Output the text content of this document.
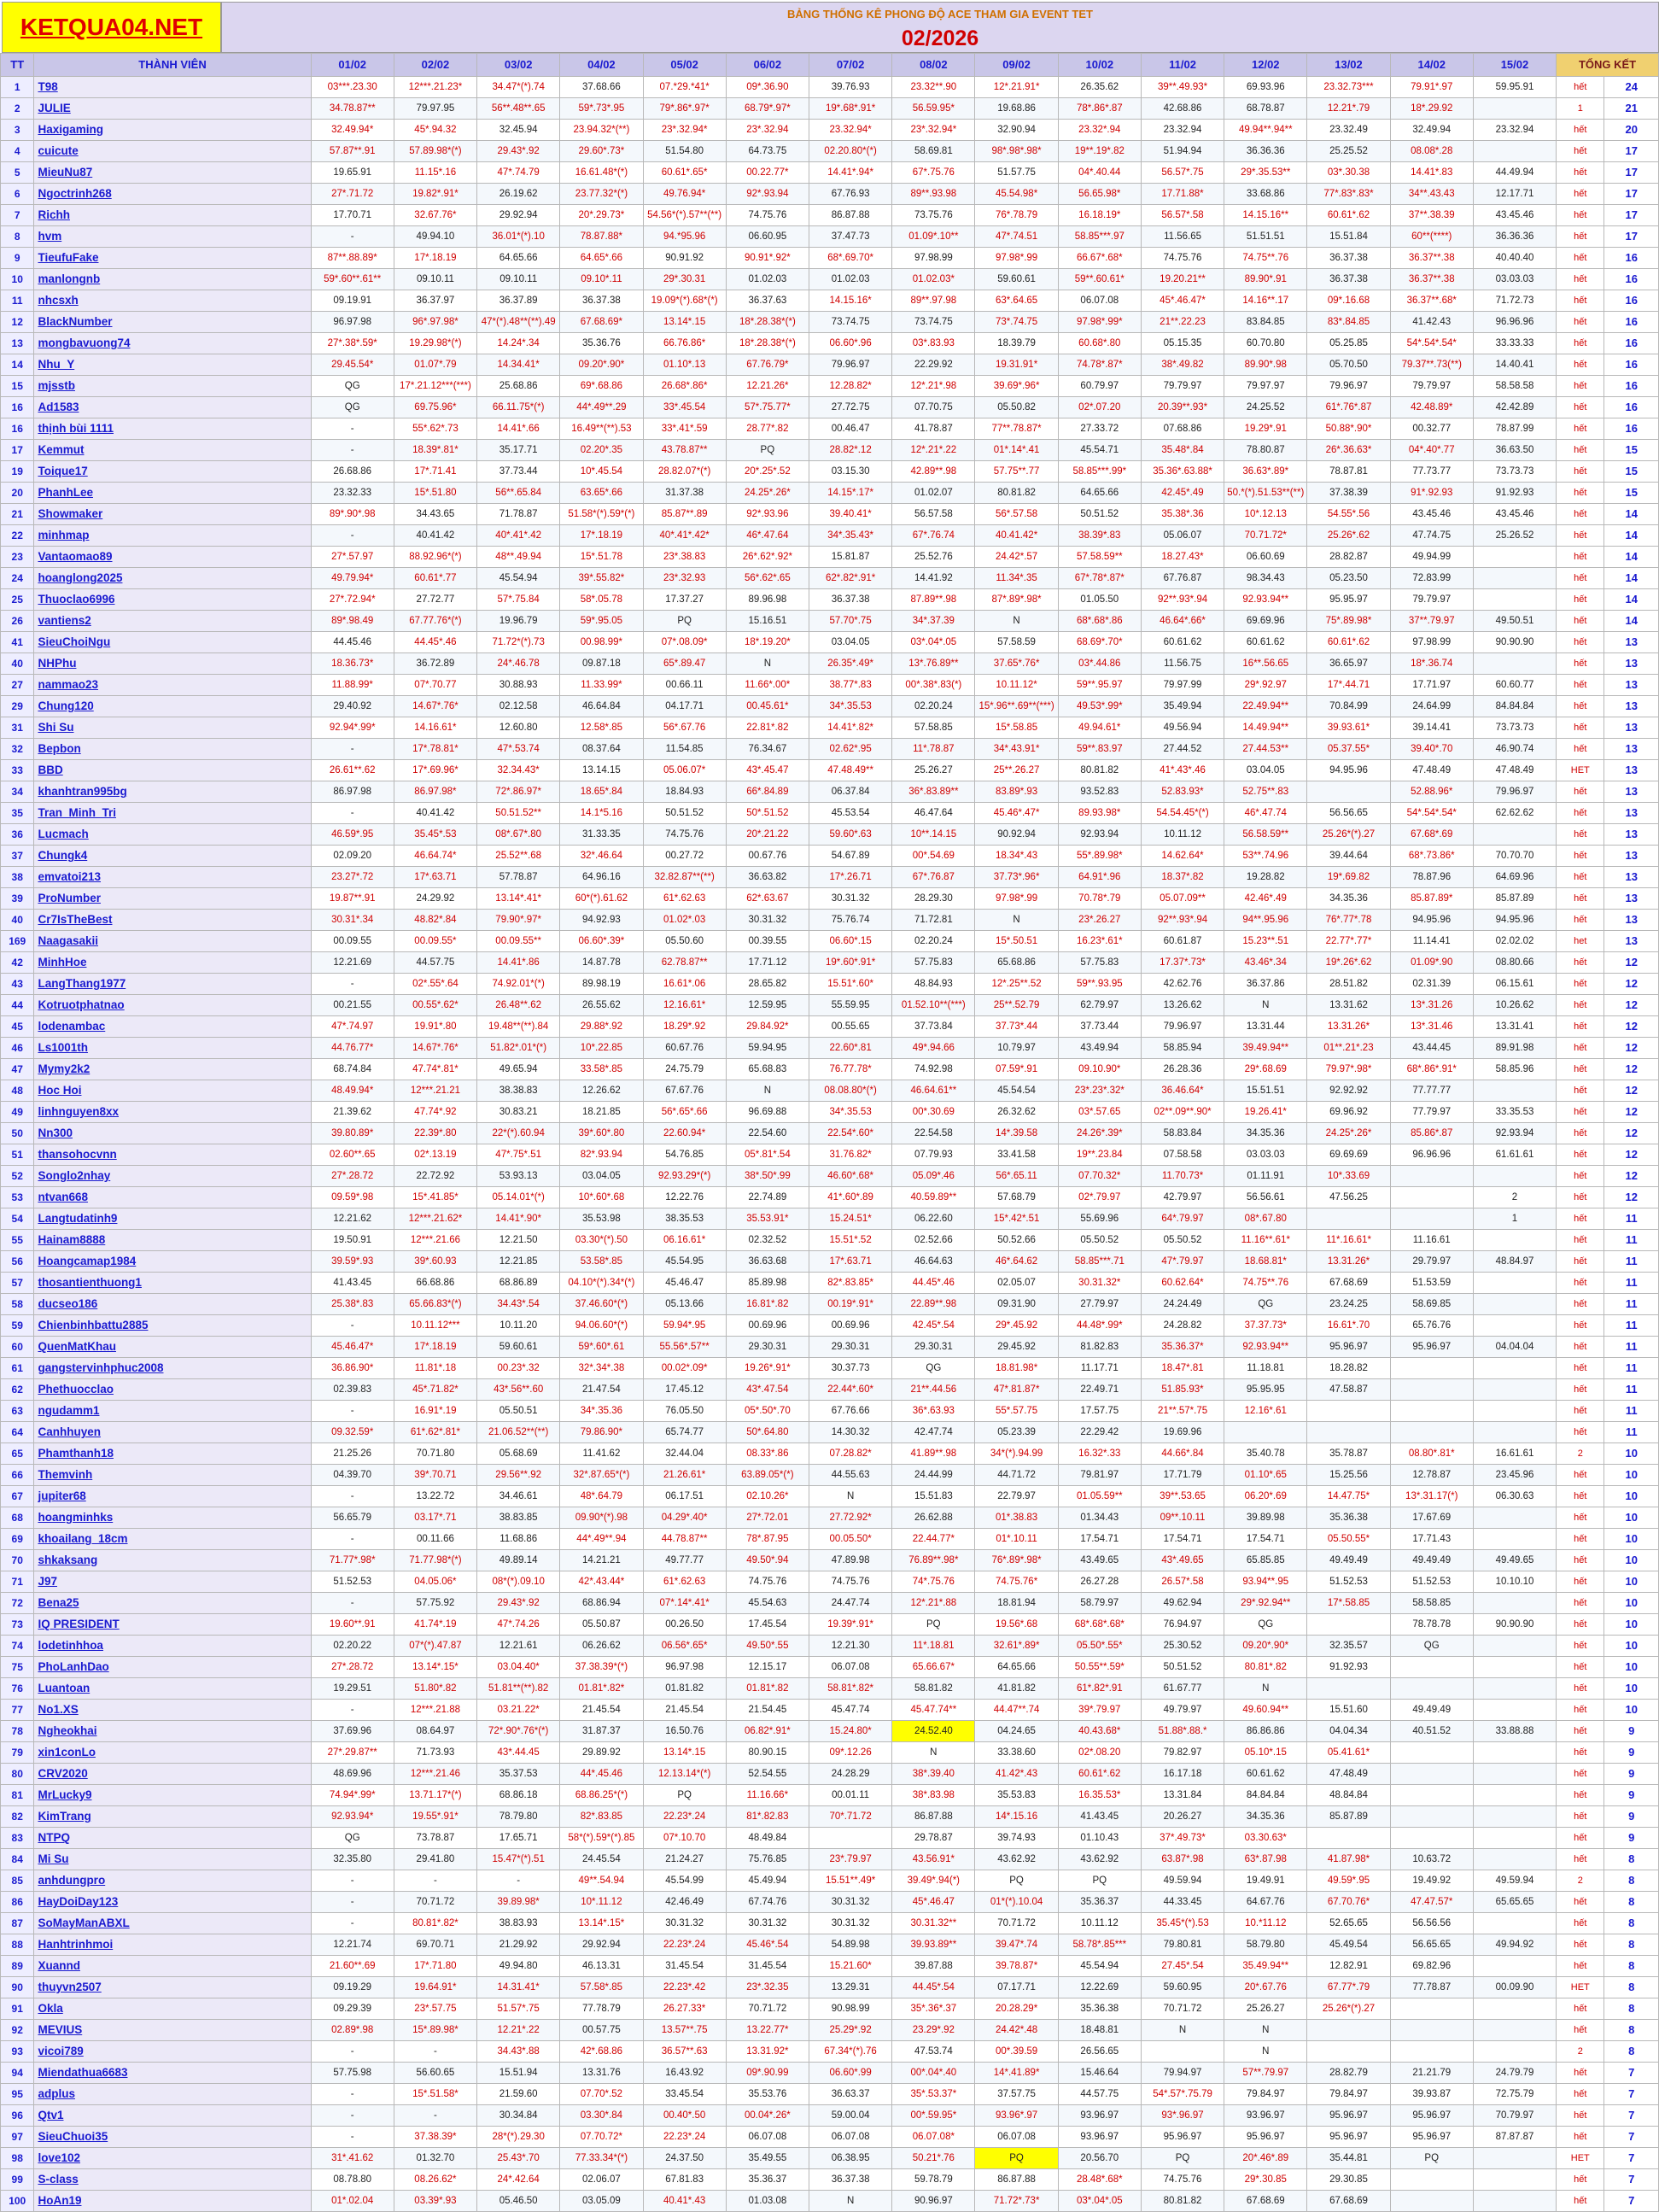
KETQUA04.NET	BẢNG THỐNG KÊ PHONG ĐỘ ACE THAM GIA EVENT TET
02/2026
TT	THÀNH VIÊN	01/02	02/02	03/02	04/02	05/02	06/02	07/02	08/02	09/02	10/02	11/02	12/02	13/02	14/02	15/02	TỔNG KẾT	
1	T98	03***.23.30	12***.21.23*	34.47*(*).74	37.68.66	07.*29.*41*	09*.36.90	39.76.93	23.32**.90	12*.21.91*	26.35.62	39**.49.93*	69.93.96	23.32.73***	79.91*.97	59.95.91	hết	24
2	JULIE	34.78.87**	79.97.95	56**.48**.65	59*.73*.95	79*.86*.97*	68.79*.97*	19*.68*.91*	56.59.95*	19.68.86	78*.86*.87	42.68.86	68.78.87	12.21*.79	18*.29.92		1	21
3	Haxigaming	32.49.94*	45*.94.32	32.45.94	23.94.32*(**)	23*.32.94*	23*.32.94	23.32.94*	23*.32.94*	32.90.94	23.32*.94	23.32.94	49.94**.94**	23.32.49	32.49.94	23.32.94	hết	20
4	cuicute	57.87**.91	57.89.98*(*)	29.43*.92	29.60*.73*	51.54.80	64.73.75	02.20.80*(*)	58.69.81	98*.98*.98*	19**.19*.82	51.94.94	36.36.36	25.25.52	08.08*.28		hết	17
5	MieuNu87	19.65.91	11.15*.16	47*.74.79	16.61.48*(*)	60.61*.65*	00.22.77*	14.41*.94*	67*.75.76	51.57.75	04*.40.44	56.57*.75	29*.35.53**	03*.30.38	14.41*.83	44.49.94	hết	17
6	Ngoctrinh268	27*.71.72	19.82*.91*	26.19.62	23.77.32*(*)	49.76.94*	92*.93.94	67.76.93	89**.93.98	45.54.98*	56.65.98*	17.71.88*	33.68.86	77*.83*.83*	34**.43.43	12.17.71	hết	17
7	Richh	17.70.71	32.67.76*	29.92.94	20*.29.73*	54.56*(*).57**(**)	74.75.76	86.87.88	73.75.76	76*.78.79	16.18.19*	56.57*.58	14.15.16**	60.61*.62	37**.38.39	43.45.46	hết	17
8	hvm	-	49.94.10	36.01*(*).10	78.87.88*	94.*95.96	06.60.95	37.47.73	01.09*.10**	47*.74.51	58.85***.97	11.56.65	51.51.51	15.51.84	60**(****)	36.36.36	hết	17
9	TieufuFake	87**.88.89*	17*.18.19	64.65.66	64.65*.66	90.91.92	90.91*.92*	68*.69.70*	97.98.99	97.98*.99	66.67*.68*	74.75.76	74.75**.76	36.37.38	36.37**.38	40.40.40	hết	16
10	manlongnb	59*.60**.61**	09.10.11	09.10.11	09.10*.11	29*.30.31	01.02.03	01.02.03	01.02.03*	59.60.61	59**.60.61*	19.20.21**	89.90*.91	36.37.38	36.37**.38	03.03.03	hết	16
11	nhcsxh	09.19.91	36.37.97	36.37.89	36.37.38	19.09*(*).68*(*)	36.37.63	14.15.16*	89**.97.98	63*.64.65	06.07.08	45*.46.47*	14.16**.17	09*.16.68	36.37**.68*	71.72.73	hết	16
12	BlackNumber	96.97.98	96*.97.98*	47*(*).48**(**).49	67.68.69*	13.14*.15	18*.28.38*(*)	73.74.75	73.74.75	73*.74.75	97.98*.99*	21**.22.23	83.84.85	83*.84.85	41.42.43	96.96.96	hết	16
13	mongbavuong74	27*.38*.59*	19.29.98*(*)	14.24*.34	35.36.76	66.76.86*	18*.28.38*(*)	06.60*.96	03*.83.93	18.39.79	60.68*.80	05.15.35	60.70.80	05.25.85	54*.54*.54*	33.33.33	hết	16
14	Nhu_Y	29.45.54*	01.07*.79	14.34.41*	09.20*.90*	01.10*.13	67.76.79*	79.96.97	22.29.92	19.31.91*	74.78*.87*	38*.49.82	89.90*.98	05.70.50	79.37**.73(**)	14.40.41	hết	16
15	mjsstb	QG	17*.21.12***(***)	25.68.86	69*.68.86	26.68*.86*	12.21.26*	12.28.82*	12*.21*.98	39.69*.96*	60.79.97	79.79.97	79.97.97	79.96.97	79.79.97	58.58.58	hết	16
16	Ad1583	QG	69.75.96*	66.11.75*(*)	44*.49**.29	33*.45.54	57*.75.77*	27.72.75	07.70.75	05.50.82	02*.07.20	20.39**.93*	24.25.52	61*.76*.87	42.48.89*	42.42.89	hết	16
16	thịnh bùi 1111	-	55*.62*.73	14.41*.66	16.49**(**).53	33*.41*.59	28.77*.82	00.46.47	41.78.87	77**.78.87*	27.33.72	07.68.86	19.29*.91	50.88*.90*	00.32.77	78.87.99	hết	16
17	Kemmut	-	18.39*.81*	35.17.71	02.20*.35	43.78.87**	PQ	28.82*.12	12*.21*.22	01*.14*.41	45.54.71	35.48*.84	78.80.87	26*.36.63*	04*.40*.77	36.63.50	hết	15
19	Toique17	26.68.86	17*.71.41	37.73.44	10*.45.54	28.82.07*(*)	20*.25*.52	03.15.30	42.89**.98	57.75**.77	58.85***.99*	35.36*.63.88*	36.63*.89*	78.87.81	77.73.77	73.73.73	hết	15
20	PhanhLee	23.32.33	15*.51.80	56**.65.84	63.65*.66	31.37.38	24.25*.26*	14.15*.17*	01.02.07	80.81.82	64.65.66	42.45*.49	50.*(*).51.53**(**)	37.38.39	91*.92.93	91.92.93	hết	15
21	Showmaker	89*.90*.98	34.43.65	71.78.87	51.58*(*).59*(*)	85.87**.89	92*.93.96	39.40.41*	56.57.58	56*.57.58	50.51.52	35.38*.36	10*.12.13	54.55*.56	43.45.46	43.45.46	hết	14
22	minhmap	-	40.41.42	40*.41*.42	17*.18.19	40*.41*.42*	46*.47.64	34*.35.43*	67*.76.74	40.41.42*	38.39*.83	05.06.07	70.71.72*	25.26*.62	47.74.75	25.26.52	hết	14
23	Vantaomao89	27*.57.97	88.92.96*(*)	48**.49.94	15*.51.78	23*.38.83	26*.62*.92*	15.81.87	25.52.76	24.42*.57	57.58.59**	18.27.43*	06.60.69	28.82.87	49.94.99		hết	14
24	hoanglong2025	49.79.94*	60.61*.77	45.54.94	39*.55.82*	23*.32.93	56*.62*.65	62*.82*.91*	14.41.92	11.34*.35	67*.78*.87*	67.76.87	98.34.43	05.23.50	72.83.99		hết	14
25	Thuoclao6996	27*.72.94*	27.72.77	57*.75.84	58*.05.78	17.37.27	89.96.98	36.37.38	87.89**.98	87*.89*.98*	01.05.50	92**.93*.94	92.93.94**	95.95.97	79.79.97		hết	14
26	vantiens2	89*.98.49	67.77.76*(*)	19.96.79	59*.95.05	PQ	15.16.51	57.70*.75	34*.37.39	N	68*.68*.86	46.64*.66*	69.69.96	75*.89.98*	37**.79.97	49.50.51	hết	14
41	SieuChoiNgu	44.45.46	44.45*.46	71.72*(*).73	00.98.99*	07*.08.09*	18*.19.20*	03.04.05	03*.04*.05	57.58.59	68.69*.70*	60.61.62	60.61.62	60.61*.62	97.98.99	90.90.90	hết	13
40	NHPhu	18.36.73*	36.72.89	24*.46.78	09.87.18	65*.89.47	N	26.35*.49*	13*.76.89**	37.65*.76*	03*.44.86	11.56.75	16**.56.65	36.65.97	18*.36.74		hết	13
27	nammao23	11.88.99*	07*.70.77	30.88.93	11.33.99*	00.66.11	11.66*.00*	38.77*.83	00*.38*.83(*)	10.11.12*	59**.95.97	79.97.99	29*.92.97	17*.44.71	17.71.97	60.60.77	hết	13
29	Chung120	29.40.92	14.67*.76*	02.12.58	46.64.84	04.17.71	00.45.61*	34*.35.53	02.20.24	15*.96**.69**(***)	49.53*.99*	35.49.94	22.49.94**	70.84.99	24.64.99	84.84.84	hết	13
31	Shi Su	92.94*.99*	14.16.61*	12.60.80	12.58*.85	56*.67.76	22.81*.82	14.41*.82*	57.58.85	15*.58.85	49.94.61*	49.56.94	14.49.94**	39.93.61*	39.14.41	73.73.73	hết	13
32	Bepbon	-	17*.78.81*	47*.53.74	08.37.64	11.54.85	76.34.67	02.62*.95	11*.78.87	34*.43.91*	59**.83.97	27.44.52	27.44.53**	05.37.55*	39.40*.70	46.90.74	hết	13
33	BBD	26.61**.62	17*.69.96*	32.34.43*	13.14.15	05.06.07*	43*.45.47	47.48.49**	25.26.27	25**.26.27	80.81.82	41*.43*.46	03.04.05	94.95.96	47.48.49	47.48.49	HET	13
34	khanhtran995bg	86.97.98	86.97.98*	72*.86.97*	18.65*.84	18.84.93	66*.84.89	06.37.84	36*.83.89**	83.89*.93	93.52.83	52.83.93*	52.75**.83		52.88.96*	79.96.97	hết	13
35	Tran_Minh_Tri	-	40.41.42	50.51.52**	14.1*5.16	50.51.52	50*.51.52	45.53.54	46.47.64	45.46*.47*	89.93.98*	54.54.45*(*)	46*.47.74	56.56.65	54*.54*.54*	62.62.62	hết	13
36	Lucmach	46.59*.95	35.45*.53	08*.67*.80	31.33.35	74.75.76	20*.21.22	59.60*.63	10**.14.15	90.92.94	92.93.94	10.11.12	56.58.59**	25.26*(*).27	67.68*.69		hết	13
37	Chungk4	02.09.20	46.64.74*	25.52**.68	32*.46.64	00.27.72	00.67.76	54.67.89	00*.54.69	18.34*.43	55*.89.98*	14.62.64*	53**.74.96	39.44.64	68*.73.86*	70.70.70	hết	13
38	emvatoi213	23.27*.72	17*.63.71	57.78.87	64.96.16	32.82.87**(**)	36.63.82	17*.26.71	67*.76.87	37.73*.96*	64.91*.96	18.37*.82	19.28.82	19*.69.82	78.87.96	64.69.96	hết	13
39	ProNumber	19.87**.91	24.29.92	13.14*.41*	60*(*).61.62	61*.62.63	62*.63.67	30.31.32	28.29.30	97.98*.99	70.78*.79	05.07.09**	42.46*.49	34.35.36	85.87.89*	85.87.89	hết	13
40	Cr7IsTheBest	30.31*.34	48.82*.84	79.90*.97*	94.92.93	01.02*.03	30.31.32	75.76.74	71.72.81	N	23*.26.27	92**.93*.94	94**.95.96	76*.77*.78	94.95.96	94.95.96	hết	13
169	Naagasakii	00.09.55	00.09.55*	00.09.55**	06.60*.39*	05.50.60	00.39.55	06.60*.15	02.20.24	15*.50.51	16.23*.61*	60.61.87	15.23**.51	22.77*.77*	11.14.41	02.02.02	het	13
42	MinhHoe	12.21.69	44.57.75	14.41*.86	14.87.78	62.78.87**	17.71.12	19*.60*.91*	57.75.83	65.68.86	57.75.83	17.37*.73*	43.46*.34	19*.26*.62	01.09*.90	08.80.66	hết	12
43	LangThang1977	-	02*.55*.64	74.92.01*(*)	89.98.19	16.61*.06	28.65.82	15.51*.60*	48.84.93	12*.25**.52	59**.93.95	42.62.76	36.37.86	28.51.82	02.31.39	06.15.61	hết	12
44	Kotruotphatnao	00.21.55	00.55*.62*	26.48**.62	26.55.62	12.16.61*	12.59.95	55.59.95	01.52.10**(***)	25**.52.79	62.79.97	13.26.62	N	13.31.62	13*.31.26	10.26.62	hết	12
45	lodenambac	47*.74.97	19.91*.80	19.48**(**).84	29.88*.92	18.29*.92	29.84.92*	00.55.65	37.73.84	37.73*.44	37.73.44	79.96.97	13.31.44	13.31.26*	13*.31.46	13.31.41	hết	12
46	Ls1001th	44.76.77*	14.67*.76*	51.82*.01*(*)	10*.22.85	60.67.76	59.94.95	22.60*.81	49*.94.66	10.79.97	43.49.94	58.85.94	39.49.94**	01**.21*.23	43.44.45	89.91.98	hết	12
47	Mymy2k2	68.74.84	47.74*.81*	49.65.94	33.58*.85	24.75.79	65.68.83	76.77.78*	74.92.98	07.59*.91	09.10.90*	26.28.36	29*.68.69	79.97*.98*	68*.86*.91*	58.85.96	hết	12
48	Hoc Hoi	48.49.94*	12***.21.21	38.38.83	12.26.62	67.67.76	N	08.08.80*(*)	46.64.61**	45.54.54	23*.23*.32*	36.46.64*	15.51.51	92.92.92	77.77.77		hết	12
49	linhnguyen8xx	21.39.62	47.74*.92	30.83.21	18.21.85	56*.65*.66	96.69.88	34*.35.53	00*.30.69	26.32.62	03*.57.65	02**.09**.90*	19.26.41*	69.96.92	77.79.97	33.35.53	hết	12
50	Nn300	39.80.89*	22.39*.80	22*(*).60.94	39*.60*.80	22.60.94*	22.54.60	22.54*.60*	22.54.58	14*.39.58	24.26*.39*	58.83.84	34.35.36	24.25*.26*	85.86*.87	92.93.94	hết	12
51	thansohocvnn	02.60**.65	02*.13.19	47*.75*.51	82*.93.94	54.76.85	05*.81*.54	31.76.82*	07.79.93	33.41.58	19**.23.84	07.58.58	03.03.03	69.69.69	96.96.96	61.61.61	hết	12
52	Songlo2nhay	27*.28.72	22.72.92	53.93.13	03.04.05	92.93.29*(*)	38*.50*.99	46.60*.68*	05.09*.46	56*.65.11	07.70.32*	11.70.73*	01.11.91	10*.33.69			hết	12
53	ntvan668	09.59*.98	15*.41.85*	05.14.01*(*)	10*.60*.68	12.22.76	22.74.89	41*.60*.89	40.59.89**	57.68.79	02*.79.97	42.79.97	56.56.61	47.56.25		2	hết	12
54	Langtudatinh9	12.21.62	12***.21.62*	14.41*.90*	35.53.98	38.35.53	35.53.91*	15.24.51*	06.22.60	15*.42*.51	55.69.96	64*.79.97	08*.67.80			1	hết	11
55	Hainam8888	19.50.91	12***.21.66	12.21.50	03.30*(*).50	06.16.61*	02.32.52	15.51*.52	02.52.66	50.52.66	05.50.52	05.50.52	11.16**.61*	11*.16.61*	11.16.61		hết	11
56	Hoangcamap1984	39.59*.93	39*.60.93	12.21.85	53.58*.85	45.54.95	36.63.68	17*.63.71	46.64.63	46*.64.62	58.85***.71	47*.79.97	18.68.81*	13.31.26*	29.79.97	48.84.97	hết	11
57	thosantienthuong1	41.43.45	66.68.86	68.86.89	04.10*(*).34*(*)	45.46.47	85.89.98	82*.83.85*	44.45*.46	02.05.07	30.31.32*	60.62.64*	74.75**.76	67.68.69	51.53.59		hết	11
58	ducseo186	25.38*.83	65.66.83*(*)	34.43*.54	37.46.60*(*)	05.13.66	16.81*.82	00.19*.91*	22.89**.98	09.31.90	27.79.97	24.24.49	QG	23.24.25	58.69.85		hết	11
59	Chienbinhbattu2885	-	10.11.12***	10.11.20	94.06.60*(*)	59.94*.95	00.69.96	00.69.96	42.45*.54	29*.45.92	44.48*.99*	24.28.82	37.37.73*	16.61*.70	65.76.76		hết	11
60	QuenMatKhau	45.46.47*	17*.18.19	59.60.61	59*.60*.61	55.56*.57**	29.30.31	29.30.31	29.30.31	29.45.92	81.82.83	35.36.37*	92.93.94**	95.96.97	95.96.97	04.04.04	hết	11
61	gangstervinhphuc2008	36.86.90*	11.81*.18	00.23*.32	32*.34*.38	00.02*.09*	19.26*.91*	30.37.73	QG	18.81.98*	11.17.71	18.47*.81	11.18.81	18.28.82			hết	11
62	Phethuocclao	02.39.83	45*.71.82*	43*.56**.60	21.47.54	17.45.12	43*.47.54	22.44*.60*	21**.44.56	47*.81.87*	22.49.71	51.85.93*	95.95.95	47.58.87			hết	11
63	ngudamm1	-	16.91*.19	05.50.51	34*.35.36	76.05.50	05*.50*.70	67.76.66	36*.63.93	55*.57.75	17.57.75	21**.57*.75	12.16*.61				hết	11
64	Canhhuyen	09.32.59*	61*.62*.81*	21.06.52**(**)	79.86.90*	65.74.77	50*.64.80	14.30.32	42.47.74	05.23.39	22.29.42	19.69.96					hết	11
65	Phamthanh18	21.25.26	70.71.80	05.68.69	11.41.62	32.44.04	08.33*.86	07.28.82*	41.89**.98	34*(*).94.99	16.32*.33	44.66*.84	35.40.78	35.78.87	08.80*.81*	16.61.61	2	10
66	Themvinh	04.39.70	39*.70.71	29.56**.92	32*.87.65*(*)	21.26.61*	63.89.05*(*)	44.55.63	24.44.99	44.71.72	79.81.97	17.71.79	01.10*.65	15.25.56	12.78.87	23.45.96	hết	10
67	jupiter68	-	13.22.72	34.46.61	48*.64.79	06.17.51	02.10.26*	N	15.51.83	22.79.97	01.05.59**	39**.53.65	06.20*.69	14.47.75*	13*.31.17(*)	06.30.63	hết	10
68	hoangminhks	56.65.79	03.17*.71	38.83.85	09.90*(*).98	04.29*.40*	27*.72.01	27.72.92*	26.62.88	01*.38.83	01.34.43	09**.10.11	39.89.98	35.36.38	17.67.69		hết	10
69	khoailang_18cm	-	00.11.66	11.68.86	44*.49**.94	44.78.87**	78*.87.95	00.05.50*	22.44.77*	01*.10.11	17.54.71	17.54.71	17.54.71	05.50.55*	17.71.43		hết	10
70	shkaksang	71.77*.98*	71.77.98*(*)	49.89.14	14.21.21	49.77.77	49.50*.94	47.89.98	76.89**.98*	76*.89*.98*	43.49.65	43*.49.65	65.85.85	49.49.49	49.49.49	49.49.65	hết	10
71	J97	51.52.53	04.05.06*	08*(*).09.10	42*.43.44*	61*.62.63	74.75.76	74.75.76	74*.75.76	74.75.76*	26.27.28	26.57*.58	93.94**.95	51.52.53	51.52.53	10.10.10	hết	10
72	Bena25	-	57.75.92	29.43*.92	68.86.94	07*.14*.41*	45.54.63	24.47.74	12*.21*.88	18.81.94	58.79.97	49.62.94	29*.92.94**	17*.58.85	58.58.85		hết	10
73	IQ PRESIDENT	19.60**.91	41.74*.19	47*.74.26	05.50.87	00.26.50	17.45.54	19.39*.91*	PQ	19.56*.68	68*.68*.68*	76.94.97	QG		78.78.78	90.90.90	hết	10
74	lodetinhhoa	02.20.22	07*(*).47.87	12.21.61	06.26.62	06.56*.65*	49.50*.55	12.21.30	11*.18.81	32.61*.89*	05.50*.55*	25.30.52	09.20*.90*	32.35.57	QG		hết	10
75	PhoLanhDao	27*.28.72	13.14*.15*	03.04.40*	37.38.39*(*)	96.97.98	12.15.17	06.07.08	65.66.67*	64.65.66	50.55**.59*	50.51.52	80.81*.82	91.92.93			hết	10
76	Luantoan	19.29.51	51.80*.82	51.81**(**).82	01.81*.82*	01.81.82	01.81*.82	58.81*.82*	58.81.82	41.81.82	61*.82*.91	61.67.77	N				hết	10
77	No1.XS	-	12***.21.88	03.21.22*	21.45.54	21.45.54	21.54.45	45.47.74	45.47.74**	44.47**.74	39*.79.97	49.79.97	49.60.94**	15.51.60	49.49.49		hết	10
78	Ngheokhai	37.69.96	08.64.97	72*.90*.76*(*)	31.87.37	16.50.76	06.82*.91*	15.24.80*	24.52.40	04.24.65	40.43.68*	51.88*.88.*	86.86.86	04.04.34	40.51.52	33.88.88	hết	9
79	xin1conLo	27*.29.87**	71.73.93	43*.44.45	29.89.92	13.14*.15	80.90.15	09*.12.26	N	33.38.60	02*.08.20	79.82.97	05.10*.15	05.41.61*			hết	9
80	CRV2020	48.69.96	12***.21.46	35.37.53	44*.45.46	12.13.14*(*)	52.54.55	24.28.29	38*.39.40	41.42*.43	60.61*.62	16.17.18	60.61.62	47.48.49			hết	9
81	MrLucky9	74.94*.99*	13.71.17*(*)	68.86.18	68.86.25*(*)	PQ	11.16.66*	00.01.11	38*.83.98	35.53.83	16.35.53*	13.31.84	84.84.84	48.84.84			hết	9
82	KimTrang	92.93.94*	19.55*.91*	78.79.80	82*.83.85	22.23*.24	81*.82.83	70*.71.72	86.87.88	14*.15.16	41.43.45	20.26.27	34.35.36	85.87.89			hết	9
83	NTPQ	QG	73.78.87	17.65.71	58*(*).59*(*).85	07*.10.70	48.49.84		29.78.87	39.74.93	01.10.43	37*.49.73*	03.30.63*				hết	9
84	Mi Su	32.35.80	29.41.80	15.47*(*).51	24.45.54	21.24.27	75.76.85	23*.79.97	43.56.91*	43.62.92	43.62.92	63.87*.98	63*.87.98	41.87.98*	10.63.72		hết	8
85	anhdungpro	-	-	-	49**.54.94	45.54.99	45.49.94	15.51**.49*	39.49*.94(*)	PQ	PQ	49.59.94	19.49.91	49.59*.95	19.49.92	49.59.94	2	8
86	HayDoiDay123	-	70.71.72	39.89.98*	10*.11.12	42.46.49	67.74.76	30.31.32	45*.46.47	01*(*).10.04	35.36.37	44.33.45	64.67.76	67.70.76*	47.47.57*	65.65.65	hết	8
87	SoMayManABXL	-	80.81*.82*	38.83.93	13.14*.15*	30.31.32	30.31.32	30.31.32	30.31.32**	70.71.72	10.11.12	35.45*(*).53	10.*11.12	52.65.65	56.56.56		hết	8
88	Hanhtrinhmoi	12.21.74	69.70.71	21.29.92	29.92.94	22.23*.24	45.46*.54	54.89.98	39.93.89**	39.47*.74	58.78*.85***	79.80.81	58.79.80	45.49.54	56.65.65	49.94.92	hết	8
89	Xuannd	21.60**.69	17*.71.80	49.94.80	46.13.31	31.45.54	31.45.54	15.21.60*	39.87.88	39.78.87*	45.54.94	27.45*.54	35.49.94**	12.82.91	69.82.96		hết	8
90	thuyvn2507	09.19.29	19.64.91*	14.31.41*	57.58*.85	22.23*.42	23*.32.35	13.29.31	44.45*.54	07.17.71	12.22.69	59.60.95	20*.67.76	67.77*.79	77.78.87	00.09.90	HET	8
91	Okla	09.29.39	23*.57.75	51.57*.75	77.78.79	26.27.33*	70.71.72	90.98.99	35*.36*.37	20.28.29*	35.36.38	70.71.72	25.26.27	25.26*(*).27			hết	8
92	MEVIUS	02.89*.98	15*.89.98*	12.21*.22	00.57.75	13.57**.75	13.22.77*	25.29*.92	23.29*.92	24.42*.48	18.48.81	N	N				hết	8
93	vicoi789	-	-	34.43*.88	42*.68.86	36.57**.63	13.31.92*	67.34*(*).76	47.53.74	00*.39.59	26.56.65		N				2	8
94	Miendathua6683	57.75.98	56.60.65	15.51.94	13.31.76	16.43.92	09*.90.99	06.60*.99	00*.04*.40	14*.41.89*	15.46.64	79.94.97	57**.79.97	28.82.79	21.21.79	24.79.79	hết	7
95	adplus	-	15*.51.58*	21.59.60	07.70*.52	33.45.54	35.53.76	36.63.37	35*.53.37*	37.57.75	44.57.75	54*.57*.75.79	79.84.97	79.84.97	39.93.87	72.75.79	hết	7
96	Qtv1	-	-	30.34.84	03.30*.84	00.40*.50	00.04*.26*	59.00.04	00*.59.95*	93.96*.97	93.96.97	93*.96.97	93.96.97	95.96.97	95.96.97	70.79.97	hết	7
97	SieuChuoi35	-	37.38.39*	28*(*).29.30	07.70.72*	22.23*.24	06.07.08	06.07.08	06.07.08*	06.07.08	93.96.97	95.96.97	95.96.97	95.96.97	95.96.97	87.87.87	hết	7
98	love102	31*.41.62	01.32.70	25.43*.70	77.33.34*(*)	24.37.50	35.49.55	06.38.95	50.21*.76	PQ	20.56.70	PQ	20*.46*.89	35.44.81	PQ		HET	7
99	S-class	08.78.80	08.26.62*	24*.42.64	02.06.07	67.81.83	35.36.37	36.37.38	59.78.79	86.87.88	28.48*.68*	74.75.76	29*.30.85	29.30.85			hết	7
100	HoAn19	01*.02.04	03.39*.93	05.46.50	03.05.09	40.41*.43	01.03.08	N	90.96.97	71.72*.73*	03*.04*.05	80.81.82	67.68.69	67.68.69			hết	7
